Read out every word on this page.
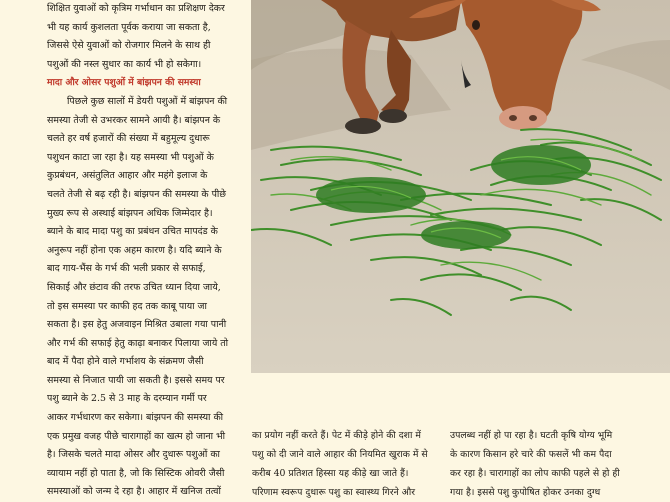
शिक्षित युवाओं को कृत्रिम गर्भाधान का प्रशिक्षण देकर

भी यह कार्य कुशलता पूर्वक कराया जा सकता है,

जिससे ऐसे युवाओं को रोजगार मिलने के साथ ही

पशुओं की नस्ल सुधार का कार्य भी हो सकेगा।

मादा और ओसर पशुओं में बांझपन की समस्या

पिछले कुछ सालों में डेयरी पशुओं में बांझपन की

समस्या तेजी से उभरकर सामने आयी है। बांझपन के

चलते हर वर्ष हजारों की संख्या में बहुमूल्य दुधारू

पशुधन काटा जा रहा है। यह समस्या भी पशुओं के

कुप्रबंधन, असंतुलित आहार और महंगे इलाज के

चलते तेजी से बढ़ रही है। बांझपन की समस्या के पीछे

मुख्य रूप से अस्थाई बांझपन अधिक जिम्मेदार है।

ब्याने के बाद मादा पशु का प्रबंधन उचित मापदंड के

अनुरूप नहीं होना एक अहम कारण है। यदि ब्याने के

बाद गाय-भैंस के गर्भ की भली प्रकार से सफाई,

सिकाई और छंटाव की तरफ उचित ध्यान दिया जाये,

तो इस समस्या पर काफी हद तक काबू पाया जा

सकता है। इस हेतु अजवाइन मिश्रित उबाला गया पानी

और गर्भ की सफाई हेतु काढ़ा बनाकर पिलाया जाये तो

बाद में पैदा होने वाले गर्भाशय के संक्रमण जैसी

समस्या से निजात पायी जा सकती है। इससे समय पर

पशु ब्याने के 2.5 से 3 माह के दरम्यान गर्मी पर

आकर गर्भधारण कर सकेगा। बांझपन की समस्या की

एक प्रमुख वजह पीछे चारागाहों का खत्म हो जाना भी

है। जिसके चलते मादा ओसर और दुधारू पशुओं का

व्यायाम नहीं हो पाता है, जो कि सिस्टिक ओवरी जैसी

समस्याओं को जन्म दे रहा है। आहार में खनिज तत्वों

का प्रयोग नहीं करते हैं। पेट में कीड़े होने की दशा में

पशु को दी जाने वाले आहार की नियमित खुराक में से

करीब 40 प्रतिशत हिस्सा यह कीड़े खा जाते हैं।

परिणाम स्वरूप दुधारू पशु का स्वास्थ्य गिरने और

उपलब्ध नहीं हो पा रहा है। घटती कृषि योग्य भूमि

के कारण किसान हरे चारे की फसलें भी कम पैदा

कर रहा है। चारागाहों का लोप काफी पहले से हो ही

गया है। इससे पशु कुपोषित होकर उनका दुग्ध
